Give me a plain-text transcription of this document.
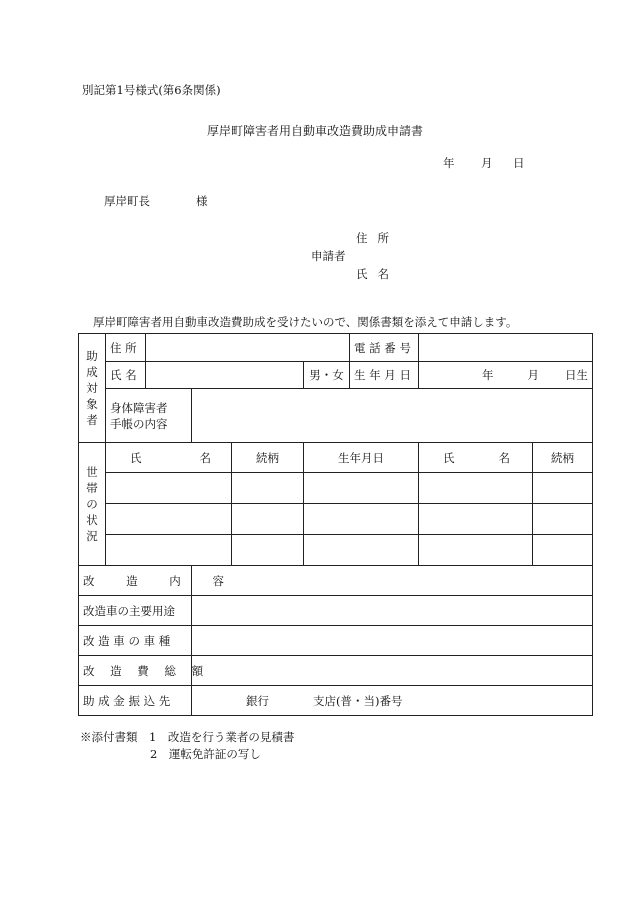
別記第1号様式(第6条関係)
厚岸町障害者用自動車改造費助成申請書
年 月 日
厚岸町長	様
住所
申請者
氏名
厚岸町障害者用自動車改造費助成を受けたいので、関係書類を添えて申請します。
助
成
対
象
者	住 所					電 話 番 号			
	氏 名				男・女	生 年 月 日	年 月 日生		
	身体障害者
手帳の内容								
世
帯
の
状
況	氏 名			続柄	生年月日		氏 名	続柄	

改 造 内 容									
改造車の主要用途									
改 造 車 の 車 種									
改 造 費 総 額									
助 成 金 振 込 先			銀行 支店(普・当)番号						
※添付書類　1　改造を行う業者の見積書
2　運転免許証の写し
